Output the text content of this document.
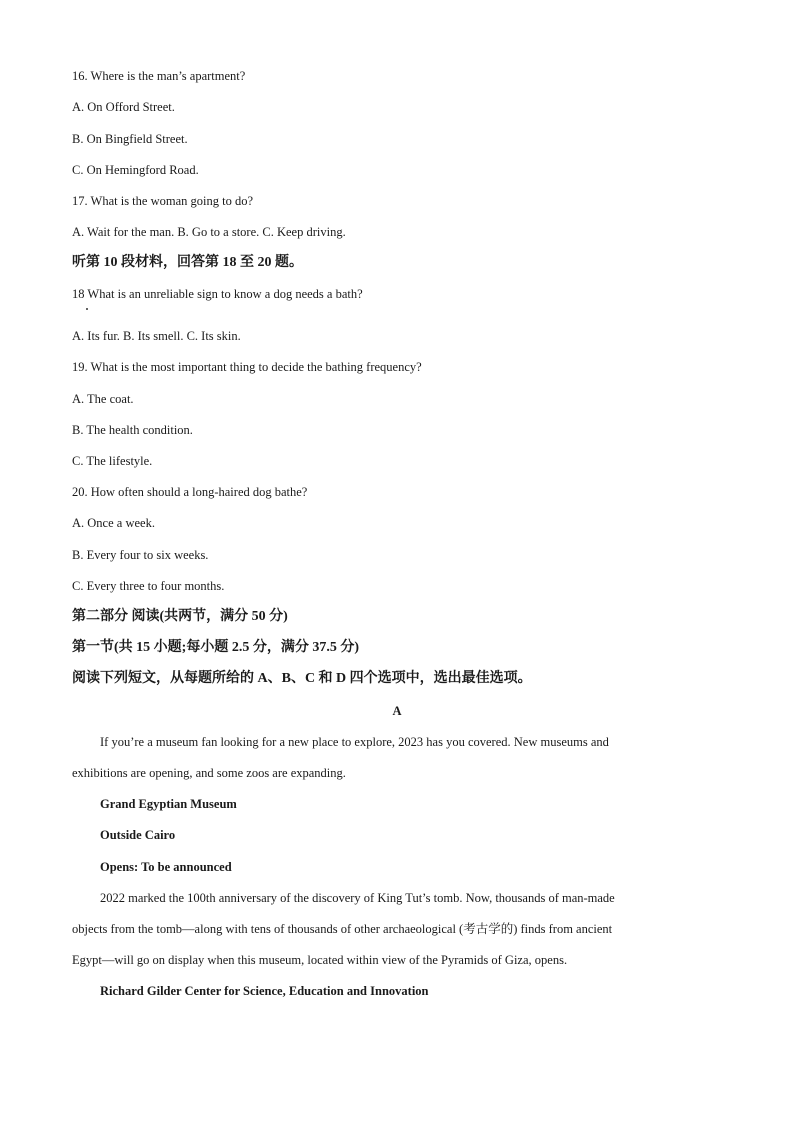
16. Where is the man’s apartment?
A. On Offord Street.
B. On Bingfield Street.
C. On Hemingford Road.
17. What is the woman going to do?
A. Wait for the man. B. Go to a store. C. Keep driving.
听第 10 段材料，回答第 18 至 20 题。
18 What is an unreliable sign to know a dog needs a bath?
A. Its fur. B. Its smell. C. Its skin.
19. What is the most important thing to decide the bathing frequency?
A. The coat.
B. The health condition.
C. The lifestyle.
20. How often should a long-haired dog bathe?
A. Once a week.
B. Every four to six weeks.
C. Every three to four months.
第二部分 阅读(共两节，满分 50 分)
第一节(共 15 小题;每小题 2.5 分，满分 37.5 分)
阅读下列短文，从每题所给的 A、B、C 和 D 四个选项中，选出最佳选项。
A
If you’re a museum fan looking for a new place to explore, 2023 has you covered. New museums and
exhibitions are opening, and some zoos are expanding.
Grand Egyptian Museum
Outside Cairo
Opens: To be announced
2022 marked the 100th anniversary of the discovery of King Tut’s tomb. Now, thousands of man-made
objects from the tomb—along with tens of thousands of other archaeological (考古学的) finds from ancient
Egypt—will go on display when this museum, located within view of the Pyramids of Giza, opens.
Richard Gilder Center for Science, Education and Innovation
